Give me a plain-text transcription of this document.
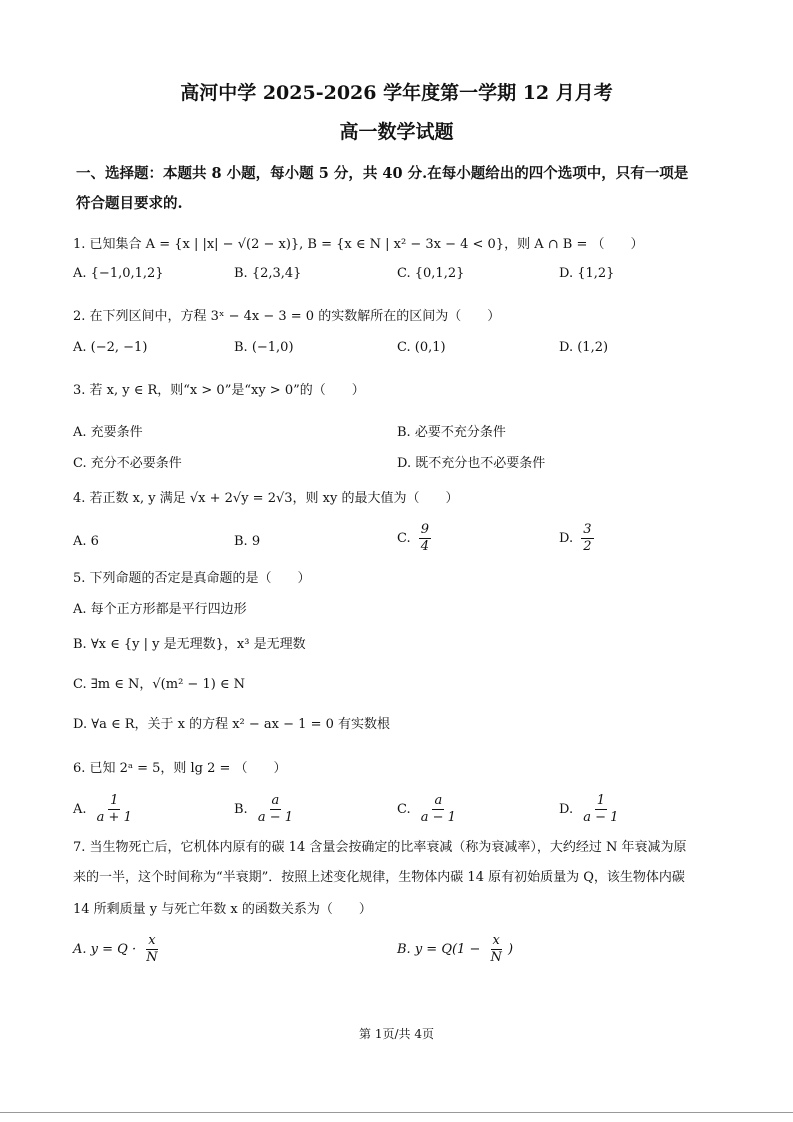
高河中学 2025-2026 学年度第一学期 12 月月考
高一数学试题
一、选择题：本题共 8 小题，每小题 5 分，共 40 分.在每小题给出的四个选项中，只有一项是
符合题目要求的.
1. 已知集合 A = {x | |x| − √(2 − x)}, B = {x ∈ N | x² − 3x − 4 < 0}，则 A ∩ B = （　　）
A. {−1,0,1,2}	B. {2,3,4}	C. {0,1,2}	D. {1,2}
2. 在下列区间中，方程 3ˣ − 4x − 3 = 0 的实数解所在的区间为（　　）
A. (−2, −1)	B. (−1,0)	C. (0,1)	D. (1,2)
3. 若 x, y ∈ R，则“x > 0”是“xy > 0”的（　　）
A. 充要条件	B. 必要不充分条件
C. 充分不必要条件	D. 既不充分也不必要条件
4. 若正数 x, y 满足 √x + 2√y = 2√3，则 xy 的最大值为（　　）
A. 6	B. 9	C. $\frac{9}{4}$	D. $\frac{3}{2}$
5. 下列命题的否定是真命题的是（　　）
A. 每个正方形都是平行四边形
B. ∀x ∈ {y | y 是无理数}，x³ 是无理数
C. ∃m ∈ N，√(m² − 1) ∈ N
D. ∀a ∈ R，关于 x 的方程 x² − ax − 1 = 0 有实数根
6. 已知 2ᵃ = 5，则 lg 2 = （　　）
A. $\frac{1}{a + 1}$	B. $\frac{a}{a - 1}$	C. $\frac{a}{a - 1}$	D. $\frac{1}{a - 1}$
7. 当生物死亡后，它机体内原有的碳 14 含量会按确定的比率衰减（称为衰减率），大约经过 N 年衰减为原
来的一半，这个时间称为“半衰期”．按照上述变化规律，生物体内碳 14 原有初始质量为 Q，该生物体内碳
14 所剩质量 y 与死亡年数 x 的函数关系为（　　）
A. $y = Q \cdot \frac{x}{N}$	B. $y = Q(1 - \frac{x}{N}$ )
第 1页/共 4页
